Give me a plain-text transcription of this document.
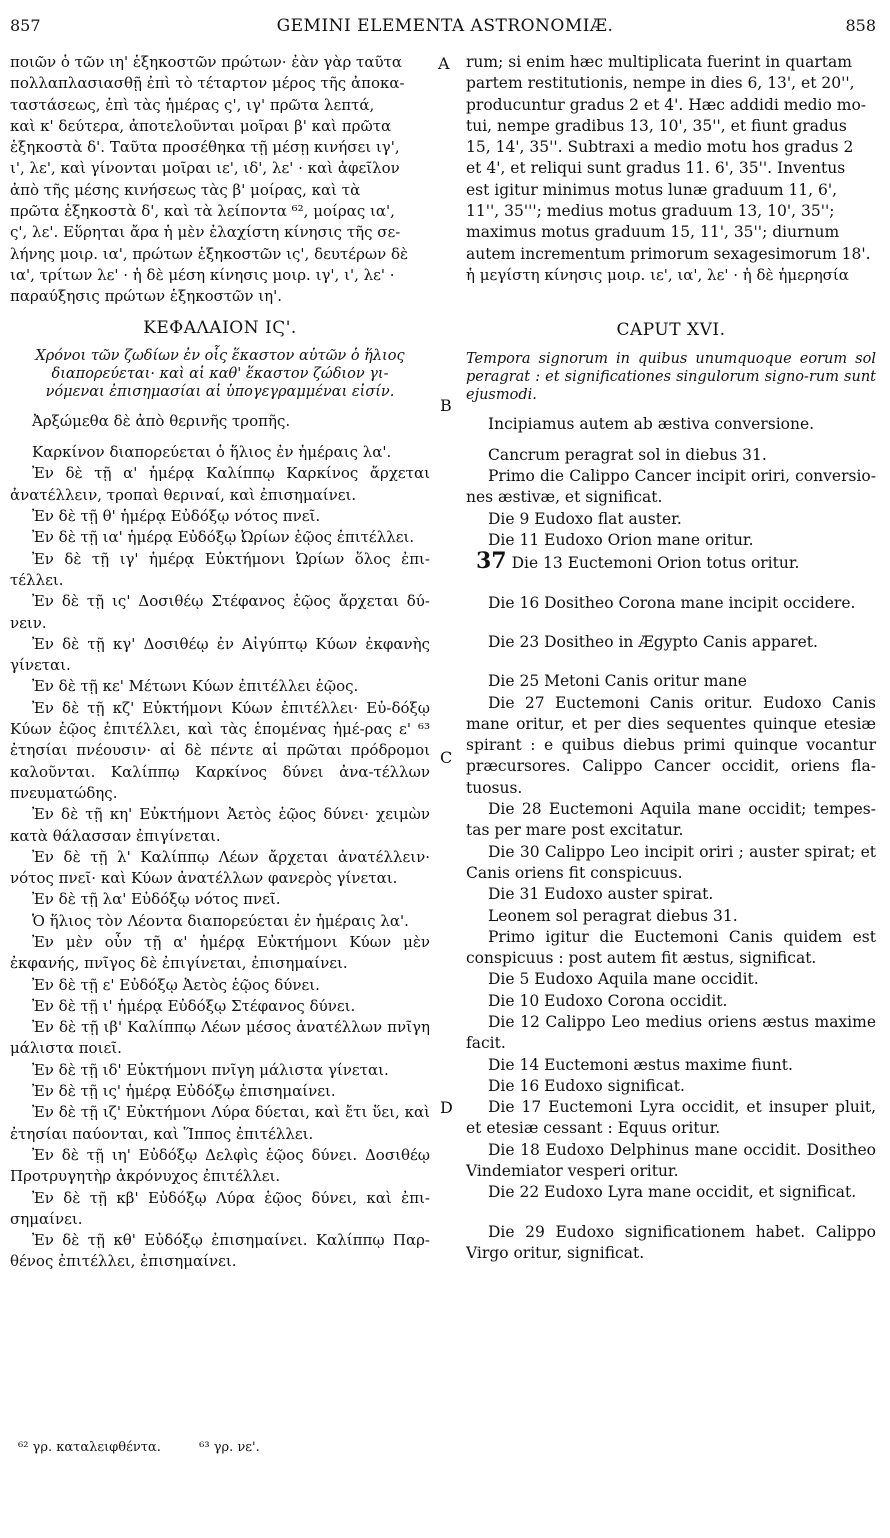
857	GEMINI ELEMENTA ASTRONOMIÆ.	858

ποιῶν ὁ τῶν ιη' ἑξηκοστῶν πρώτων· ἐὰν γὰρ ταῦτα

πολλαπλασιασθῇ ἐπὶ τὸ τέταρτον μέρος τῆς ἀποκα-

ταστάσεως, ἐπὶ τὰς ἡμέρας ς', ιγ' πρῶτα λεπτά,

καὶ κ' δεύτερα, ἀποτελοῦνται μοῖραι β' καὶ πρῶτα

ἑξηκοστὰ δ'. Ταῦτα προσέθηκα τῇ μέσῃ κινήσει ιγ',

ι', λε', καὶ γίνονται μοῖραι ιε', ιδ', λε' · καὶ ἀφεῖλον

ἀπὸ τῆς μέσης κινήσεως τὰς β' μοίρας, καὶ τὰ

πρῶτα ἑξηκοστὰ δ', καὶ τὰ λείποντα ⁶², μοίρας ια',

ς', λε'. Εὕρηται ἄρα ἡ μὲν ἐλαχίστη κίνησις τῆς σε-

λήνης μοιρ. ια', πρώτων ἑξηκοστῶν ις', δευτέρων δὲ

ια', τρίτων λε' · ἡ δὲ μέση κίνησις μοιρ. ιγ', ι', λε' ·

παραύξησις πρώτων ἑξηκοστῶν ιη'.

ΚΕΦΑΛΑΙΟΝ ΙϚ'.

Χρόνοι τῶν ζωδίων ἐν οἷς ἕκαστον αὐτῶν ὁ ἥλιος διαπορεύεται· καὶ αἱ καθ' ἕκαστον ζώδιον γι-νόμεναι ἐπισημασίαι αἱ ὑπογεγραμμέναι εἰσίν.

Ἀρξώμεθα δὲ ἀπὸ θερινῆς τροπῆς.

Καρκίνον διαπορεύεται ὁ ἥλιος ἐν ἡμέραις λα'.

Ἐν δὲ τῇ α' ἡμέρᾳ Καλίππῳ Καρκίνος ἄρχεται ἀνατέλλειν, τροπαὶ θεριναί, καὶ ἐπισημαίνει.

Ἐν δὲ τῇ θ' ἡμέρᾳ Εὐδόξῳ νότος πνεῖ.

Ἐν δὲ τῇ ια' ἡμέρᾳ Εὐδόξῳ Ὠρίων ἑῷος ἐπιτέλλει.

Ἐν δὲ τῇ ιγ' ἡμέρᾳ Εὐκτήμονι Ὠρίων ὅλος ἐπι-τέλλει.

Ἐν δὲ τῇ ις' Δοσιθέῳ Στέφανος ἑῷος ἄρχεται δύ-νειν.

Ἐν δὲ τῇ κγ' Δοσιθέῳ ἐν Αἰγύπτῳ Κύων ἐκφανὴς γίνεται.

Ἐν δὲ τῇ κε' Μέτωνι Κύων ἐπιτέλλει ἑῷος.

Ἐν δὲ τῇ κζ' Εὐκτήμονι Κύων ἐπιτέλλει· Εὐ-δόξῳ Κύων ἑῷος ἐπιτέλλει, καὶ τὰς ἑπομένας ἡμέ-ρας ε' ⁶³ ἐτησίαι πνέουσιν· αἱ δὲ πέντε αἱ πρῶται πρόδρομοι καλοῦνται. Καλίππῳ Καρκίνος δύνει ἀνα-τέλλων πνευματώδης.

Ἐν δὲ τῇ κη' Εὐκτήμονι Ἀετὸς ἑῷος δύνει· χειμὼν κατὰ θάλασσαν ἐπιγίνεται.

Ἐν δὲ τῇ λ' Καλίππῳ Λέων ἄρχεται ἀνατέλλειν· νότος πνεῖ· καὶ Κύων ἀνατέλλων φανερὸς γίνεται.

Ἐν δὲ τῇ λα' Εὐδόξῳ νότος πνεῖ.

Ὁ ἥλιος τὸν Λέοντα διαπορεύεται ἐν ἡμέραις λα'.

Ἐν μὲν οὖν τῇ α' ἡμέρᾳ Εὐκτήμονι Κύων μὲν ἐκφανής, πνῖγος δὲ ἐπιγίνεται, ἐπισημαίνει.

Ἐν δὲ τῇ ε' Εὐδόξῳ Ἀετὸς ἑῷος δύνει.

Ἐν δὲ τῇ ι' ἡμέρᾳ Εὐδόξῳ Στέφανος δύνει.

Ἐν δὲ τῇ ιβ' Καλίππῳ Λέων μέσος ἀνατέλλων πνῖγη μάλιστα ποιεῖ.

Ἐν δὲ τῇ ιδ' Εὐκτήμονι πνῖγη μάλιστα γίνεται.

Ἐν δὲ τῇ ις' ἡμέρᾳ Εὐδόξῳ ἐπισημαίνει.

Ἐν δὲ τῇ ιζ' Εὐκτήμονι Λύρα δύεται, καὶ ἔτι ὕει, καὶ ἐτησίαι παύονται, καὶ Ἵππος ἐπιτέλλει.

Ἐν δὲ τῇ ιη' Εὐδόξῳ Δελφὶς ἑῷος δύνει. Δοσιθέῳ Προτρυγητὴρ ἀκρόνυχος ἐπιτέλλει.

Ἐν δὲ τῇ κβ' Εὐδόξῳ Λύρα ἑῷος δύνει, καὶ ἐπι-σημαίνει.

Ἐν δὲ τῇ κθ' Εὐδόξῳ ἐπισημαίνει. Καλίππῳ Παρ-θένος ἐπιτέλλει, ἐπισημαίνει.

A
B
C
D

rum; si enim hæc multiplicata fuerint in quartam

partem restitutionis, nempe in dies 6, 13', et 20'',

producuntur gradus 2 et 4'. Hæc addidi medio mo-

tui, nempe gradibus 13, 10', 35'', et fiunt gradus

15, 14', 35''. Subtraxi a medio motu hos gradus 2

et 4', et reliqui sunt gradus 11. 6', 35''. Inventus

est igitur minimus motus lunæ graduum 11, 6',

11'', 35'''; medius motus graduum 13, 10', 35'';

maximus motus graduum 15, 11', 35''; diurnum

autem incrementum primorum sexagesimorum 18'.

ἡ μεγίστη κίνησις μοιρ. ιε', ια', λε' · ἡ δὲ ἡμερησία

CAPUT XVI.

Tempora signorum in quibus unumquoque eorum sol peragrat : et significationes singulorum signo-rum sunt ejusmodi.

Incipiamus autem ab æstiva conversione.

Cancrum peragrat sol in diebus 31.

Primo die Calippo Cancer incipit oriri, conversio-nes æstivæ, et significat.

Die 9 Eudoxo flat auster.

Die 11 Eudoxo Orion mane oritur.

37 Die 13 Euctemoni Orion totus oritur.

Die 16 Dositheo Corona mane incipit occidere.

Die 23 Dositheo in Ægypto Canis apparet.

Die 25 Metoni Canis oritur mane

Die 27 Euctemoni Canis oritur. Eudoxo Canis mane oritur, et per dies sequentes quinque etesiæ spirant : e quibus diebus primi quinque vocantur præcursores. Calippo Cancer occidit, oriens fla-tuosus.

Die 28 Euctemoni Aquila mane occidit; tempes-tas per mare post excitatur.

Die 30 Calippo Leo incipit oriri ; auster spirat; et Canis oriens fit conspicuus.

Die 31 Eudoxo auster spirat.

Leonem sol peragrat diebus 31.

Primo igitur die Euctemoni Canis quidem est conspicuus : post autem fit æstus, significat.

Die 5 Eudoxo Aquila mane occidit.

Die 10 Eudoxo Corona occidit.

Die 12 Calippo Leo medius oriens æstus maxime facit.

Die 14 Euctemoni æstus maxime fiunt.

Die 16 Eudoxo significat.

Die 17 Euctemoni Lyra occidit, et insuper pluit, et etesiæ cessant : Equus oritur.

Die 18 Eudoxo Delphinus mane occidit. Dositheo Vindemiator vesperi oritur.

Die 22 Eudoxo Lyra mane occidit, et significat.

Die 29 Eudoxo significationem habet. Calippo Virgo oritur, significat.

⁶² γρ. καταλειφθέντα.	⁶³ γρ. νε'.
